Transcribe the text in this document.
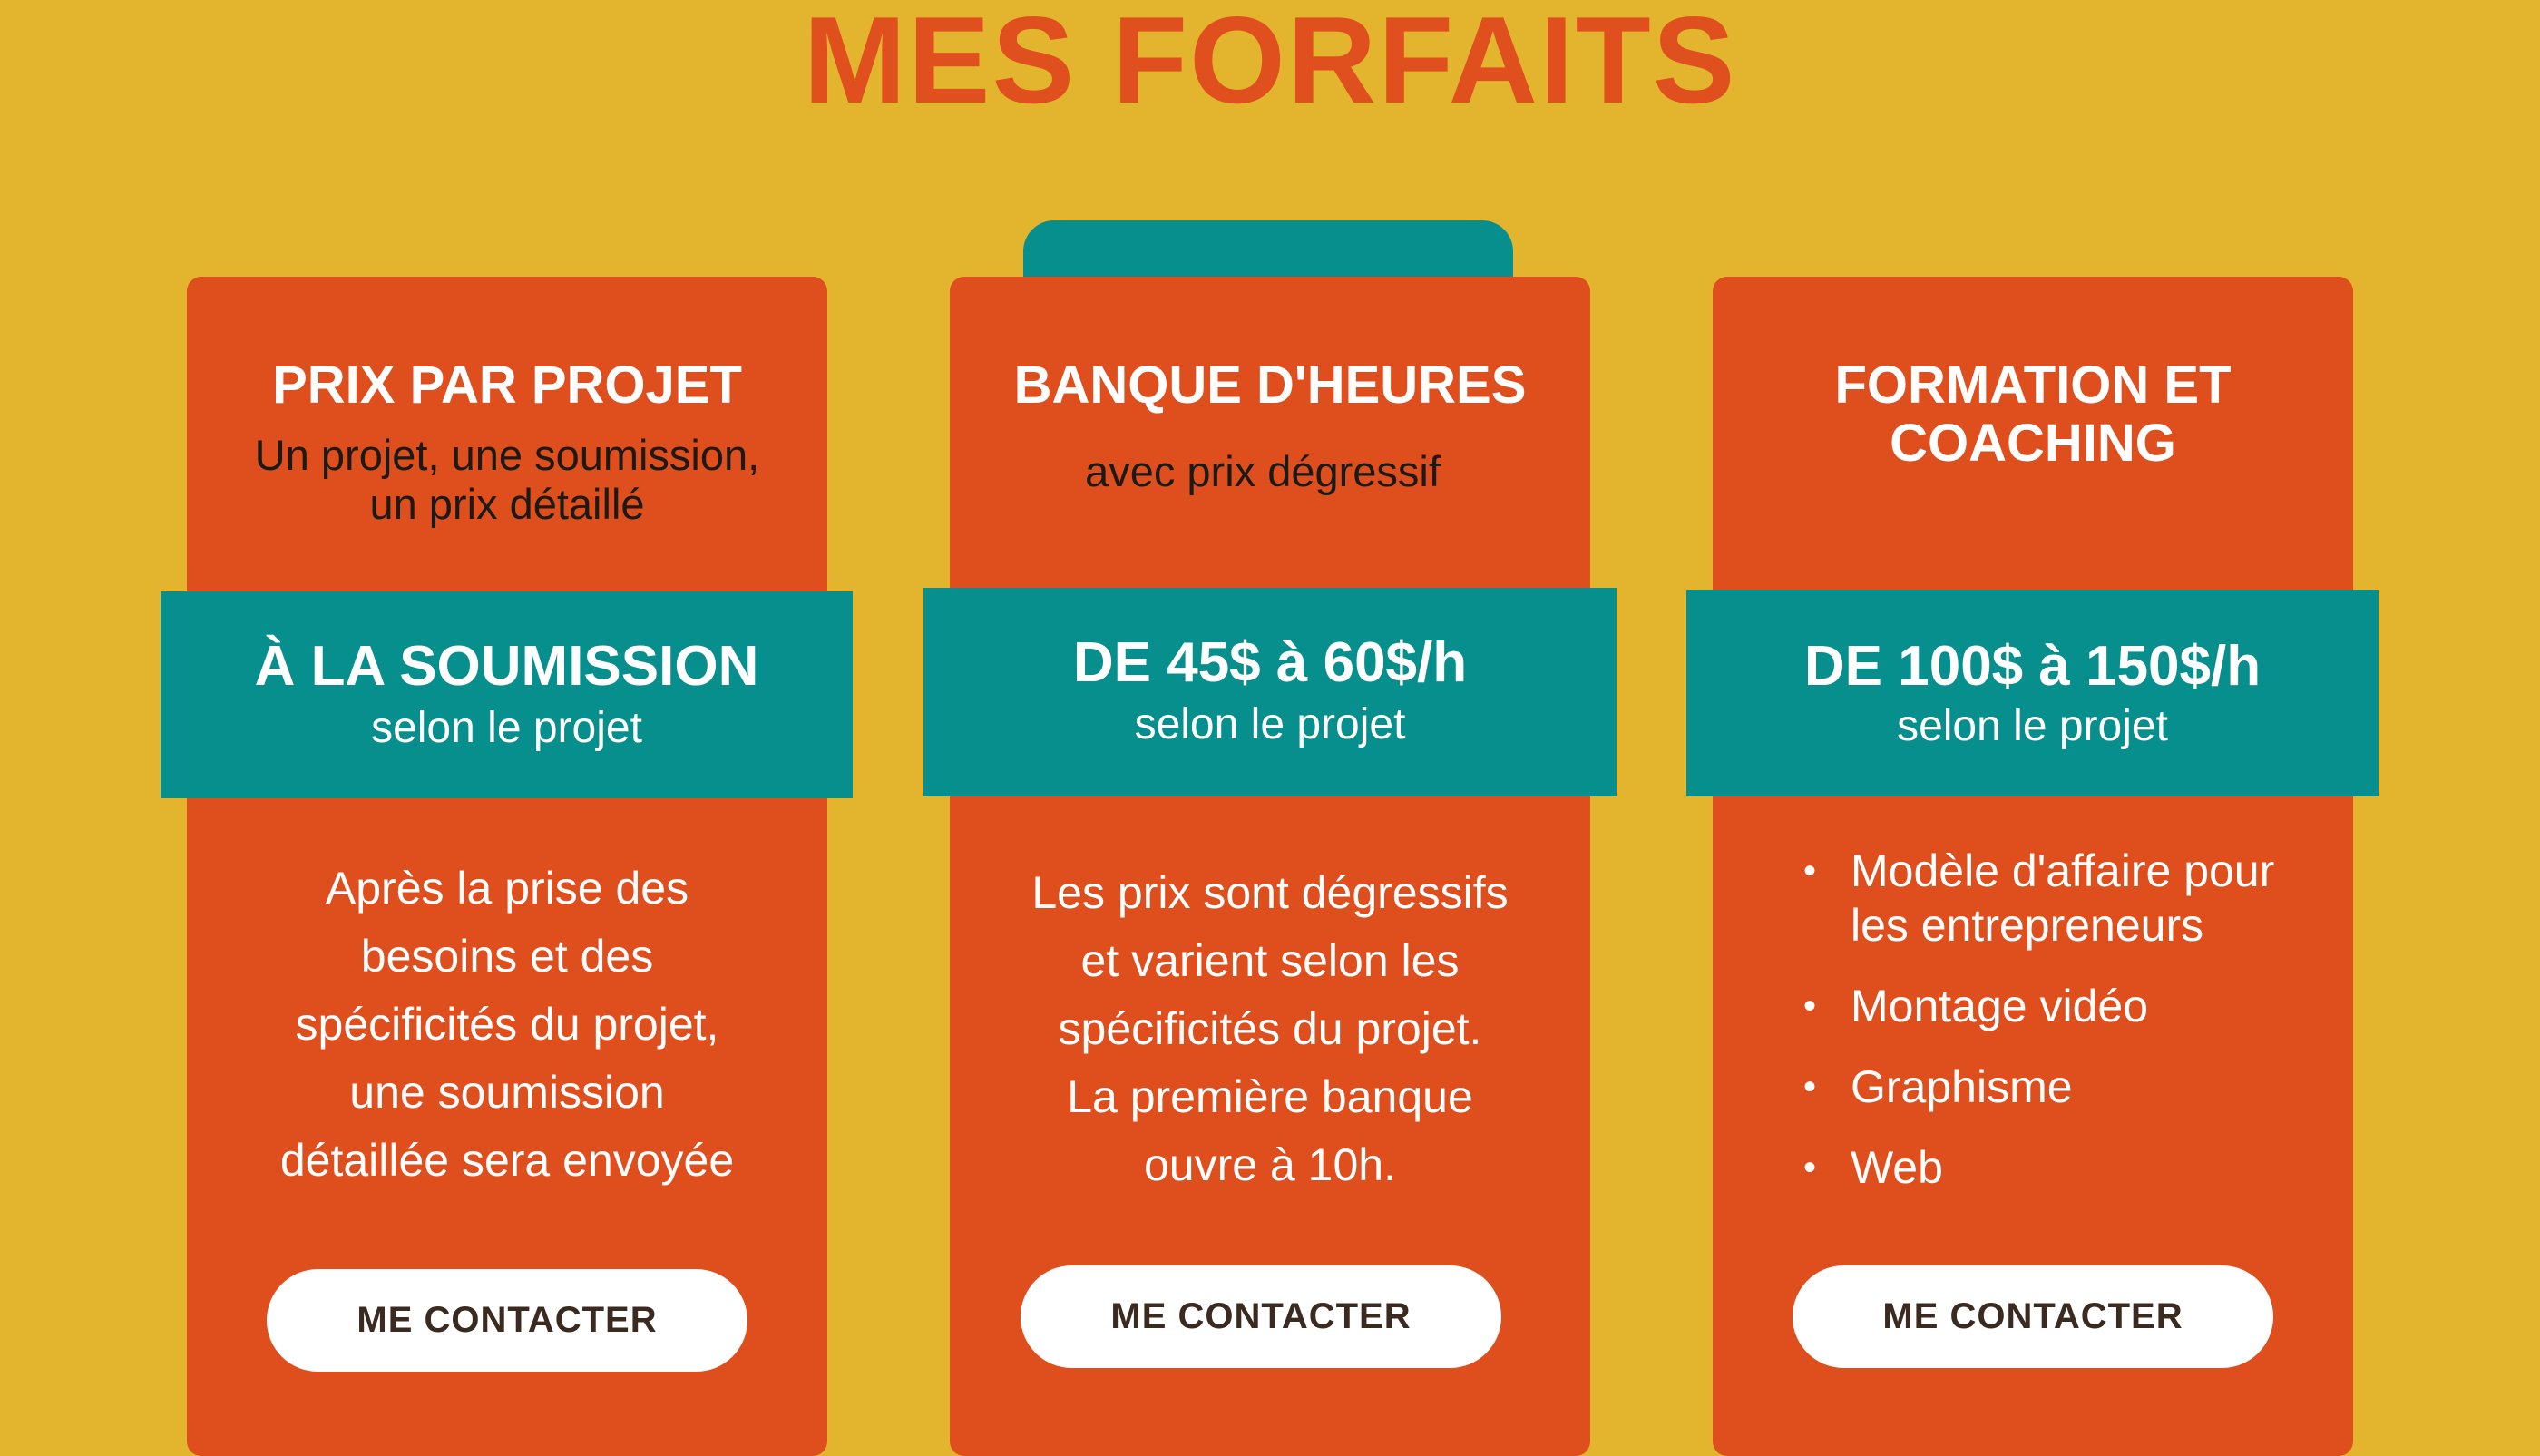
MES FORFAITS
PRIX PAR PROJET
Un projet, une soumission,
un prix détaillé
Après la prise des
besoins et des
spécificités du projet,
une soumission
détaillée sera envoyée
ME CONTACTER
BANQUE D'HEURES
avec prix dégressif
Les prix sont dégressifs
et varient selon les
spécificités du projet.
La première banque
ouvre à 10h.
ME CONTACTER
FORMATION ET
COACHING
• Modèle d'affaire pour
les entrepreneurs
• Montage vidéo
• Graphisme
• Web
ME CONTACTER
À LA SOUMISSION
selon le projet
DE 45$ à 60$/h
selon le projet
DE 100$ à 150$/h
selon le projet
